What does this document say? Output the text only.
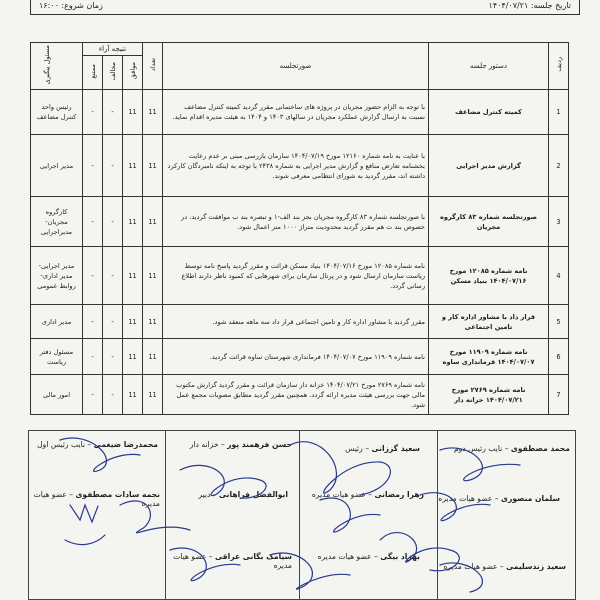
تاریخ جلسه: ۱۴۰۴/۰۷/۲۱
زمان شروع: ۱۶:۰۰
ردیف	دستور جلسه	صورتجلسه	تعداد	نتیجه آراء			مسئول پیگیری
				موافق	مخالف	ممتنع	
1	کمیته کنترل مضاعف	با توجه به الزام حضور مجریان در پروژه های ساختمانی مقرر گردید کمیته کنترل مضاعف نسبت به ارسال گزارش عملکرد مجریان در سالهای ۱۴۰۳ و ۱۴۰۴ به هیئت مدیره اقدام نماید.	11	11	-	-	رئیس واحد کنترل مضاعف
2	گزارش مدیر اجرایی	با عنایت به نامه شماره ۱۲۱۶۰ مورخ ۱۴۰۴/۰۷/۱۹ سازمان بازرسی مبنی بر عدم رعایت بخشنامه تعارض منافع و گزارش مدیر اجرایی به شماره ۲۴۳۸ با توجه به اینکه نامبردگان کارکرد داشته اند، مقرر گردید به شورای انتظامی معرفی شوند.	11	11	-	-	مدیر اجرایی
3	صورتجلسه شماره ۸۳ کارگروه مجریان	با صورتجلسه شماره ۸۳ کارگروه مجریان بجز بند الف-۱ و تبصره بند ب موافقت گردید. در خصوص بند ت هم مقرر گردید محدودیت متراژ ۱۰۰۰ متر اعمال شود.	11	11	-	-	کارگروه مجریان- مدیراجرایی
4	نامه شماره ۱۲۰۸۵ مورخ ۱۴۰۴/۰۷/۱۶ بنیاد مسکن	نامه شماره ۱۲۰۸۵ مورخ ۱۴۰۴/۰۷/۱۶ بنیاد مسکن قرائت و مقرر گردید پاسخ نامه توسط ریاست سازمان ارسال شود و در پرتال سازمان برای شهرهایی که کمبود ناظر دارند اطلاع رسانی گردد.	11	11	-	-	مدیر اجرایی-مدیر اداری-روابط عمومی
5	قرار داد با مشاور اداره کار و تامین اجتماعی	مقرر گردید با مشاور اداره کار و تامین اجتماعی قرار داد سه ماهه منعقد شود.	11	11	-	-	مدیر اداری
6	نامه شماره ۱۱۹۰۹ مورخ ۱۴۰۴/۰۷/۰۷ فرمانداری ساوه	نامه شماره ۱۱۹۰۹ مورخ ۱۴۰۴/۰۷/۰۷ فرمانداری شهرستان ساوه قرائت گردید.	11	11	-	-	مسئول دفتر ریاست
7	نامه شماره ۲۷۶۹ مورخ ۱۴۰۴/۰۷/۲۱ خزانه دار	نامه شماره ۲۷۶۹ مورخ ۱۴۰۴/۰۷/۲۱ خزانه دار سازمان قرائت و مقرر گردید گزارش مکتوب مالی جهت بررسی هیئت مدیره ارائه گردد. همچنین مقرر گردید مطابق مصوبات مجمع عمل شود.	11	11	-	-	امور مالی
محمد مصطفوی – نایب رئیس دوم
سعید گززانی – رئیس
حسن فرهمند پور – خزانه دار
محمدرضا ضیغمی – نایب رئیس اول
سلمان منصوری – عضو هیات مدیره
زهرا رمضانی – عضو هیات مدیره
ابوالفضل فراهانی – دبیر
نجمه سادات مصطفوی – عضو هیات مدیره
سعید زندسلیمی – عضو هیات مدیره
بهزاد بیگی – عضو هیات مدیره
سیامک بگانی عراقی – عضو هیات مدیره
